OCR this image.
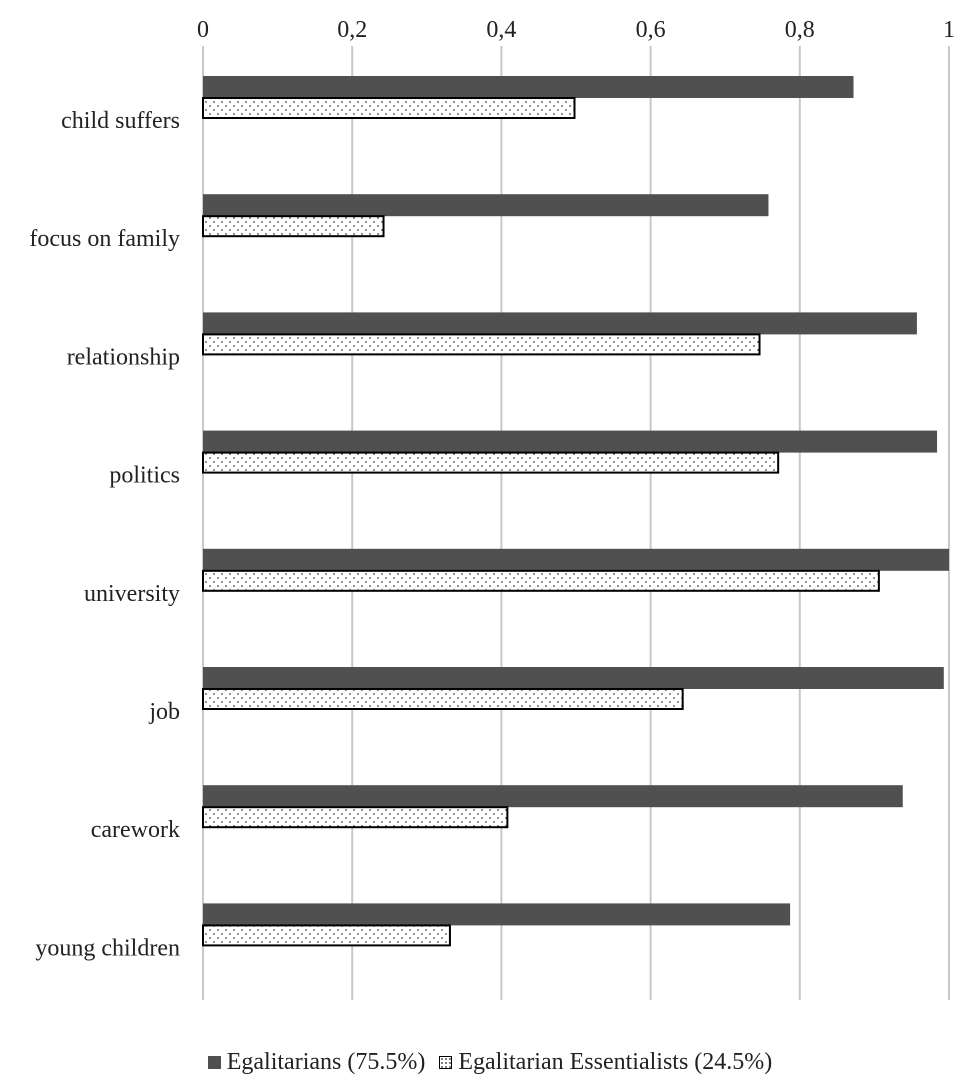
0	0,2	0,4	0,6	0,8	1
child suffers
focus on family
relationship
politics
university
job
carework
young children
Egalitarians (75.5%) Egalitarian Essentialists (24.5%)
